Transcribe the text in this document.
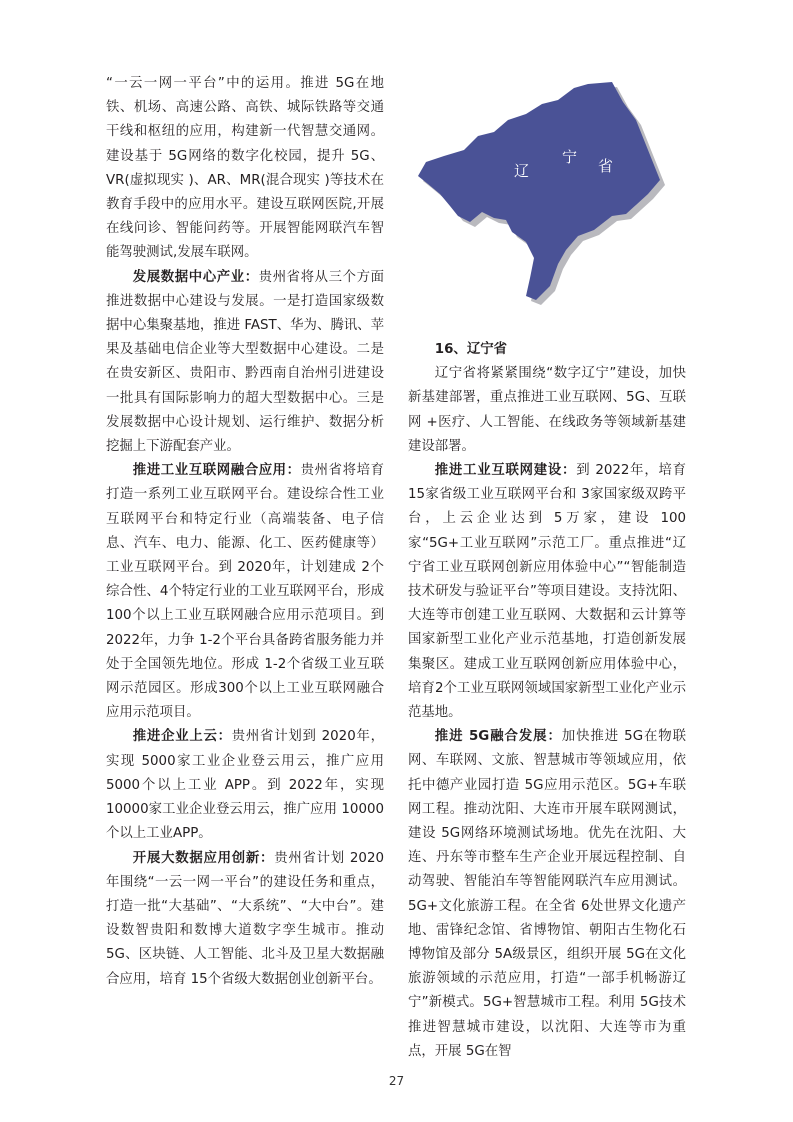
“一云一网一平台”中的运用。推进 5G在地铁、机场、高速公路、高铁、城际铁路等交通干线和枢纽的应用，构建新一代智慧交通网。建设基于 5G网络的数字化校园，提升 5G、VR(虚拟现实 )、AR、MR(混合现实 )等技术在教育手段中的应用水平。建设互联网医院,开展在线问诊、智能问药等。开展智能网联汽车智能驾驶测试,发展车联网。

发展数据中心产业：贵州省将从三个方面推进数据中心建设与发展。一是打造国家级数据中心集聚基地，推进 FAST、华为、腾讯、苹果及基础电信企业等大型数据中心建设。二是在贵安新区、贵阳市、黔西南自治州引进建设一批具有国际影响力的超大型数据中心。三是发展数据中心设计规划、运行维护、数据分析挖掘上下游配套产业。

推进工业互联网融合应用：贵州省将培育打造一系列工业互联网平台。建设综合性工业互联网平台和特定行业（高端装备、电子信息、汽车、电力、能源、化工、医药健康等）工业互联网平台。到 2020年，计划建成 2个综合性、4个特定行业的工业互联网平台，形成 100个以上工业互联网融合应用示范项目。到 2022年，力争 1-2个平台具备跨省服务能力并处于全国领先地位。形成 1-2个省级工业互联网示范园区。形成300个以上工业互联网融合应用示范项目。

推进企业上云：贵州省计划到 2020年，实现 5000家工业企业登云用云，推广应用 5000个以上工业 APP。到 2022年，实现 10000家工业企业登云用云，推广应用 10000个以上工业APP。

开展大数据应用创新：贵州省计划 2020年围绕“一云一网一平台”的建设任务和重点，打造一批“大基础”、“大系统”、“大中台”。建设数智贵阳和数博大道数字孪生城市。推动5G、区块链、人工智能、北斗及卫星大数据融合应用，培育 15个省级大数据创业创新平台。

辽
宁 省

16、辽宁省

辽宁省将紧紧围绕“数字辽宁”建设，加快新基建部署，重点推进工业互联网、5G、互联网 +医疗、人工智能、在线政务等领域新基建建设部署。

推进工业互联网建设：到 2022年，培育15家省级工业互联网平台和 3家国家级双跨平台，上云企业达到 5万家，建设 100家“5G+工业互联网”示范工厂。重点推进“辽宁省工业互联网创新应用体验中心”“智能制造技术研发与验证平台”等项目建设。支持沈阳、大连等市创建工业互联网、大数据和云计算等国家新型工业化产业示范基地，打造创新发展集聚区。建成工业互联网创新应用体验中心，培育2个工业互联网领域国家新型工业化产业示范基地。

推进 5G融合发展：加快推进 5G在物联网、车联网、文旅、智慧城市等领域应用，依托中德产业园打造 5G应用示范区。5G+车联网工程。推动沈阳、大连市开展车联网测试，建设 5G网络环境测试场地。优先在沈阳、大连、丹东等市整车生产企业开展远程控制、自动驾驶、智能泊车等智能网联汽车应用测试。5G+文化旅游工程。在全省 6处世界文化遗产地、雷锋纪念馆、省博物馆、朝阳古生物化石博物馆及部分 5A级景区，组织开展 5G在文化旅游领域的示范应用，打造“一部手机畅游辽宁”新模式。5G+智慧城市工程。利用 5G技术推进智慧城市建设，以沈阳、大连等市为重点，开展 5G在智

27
